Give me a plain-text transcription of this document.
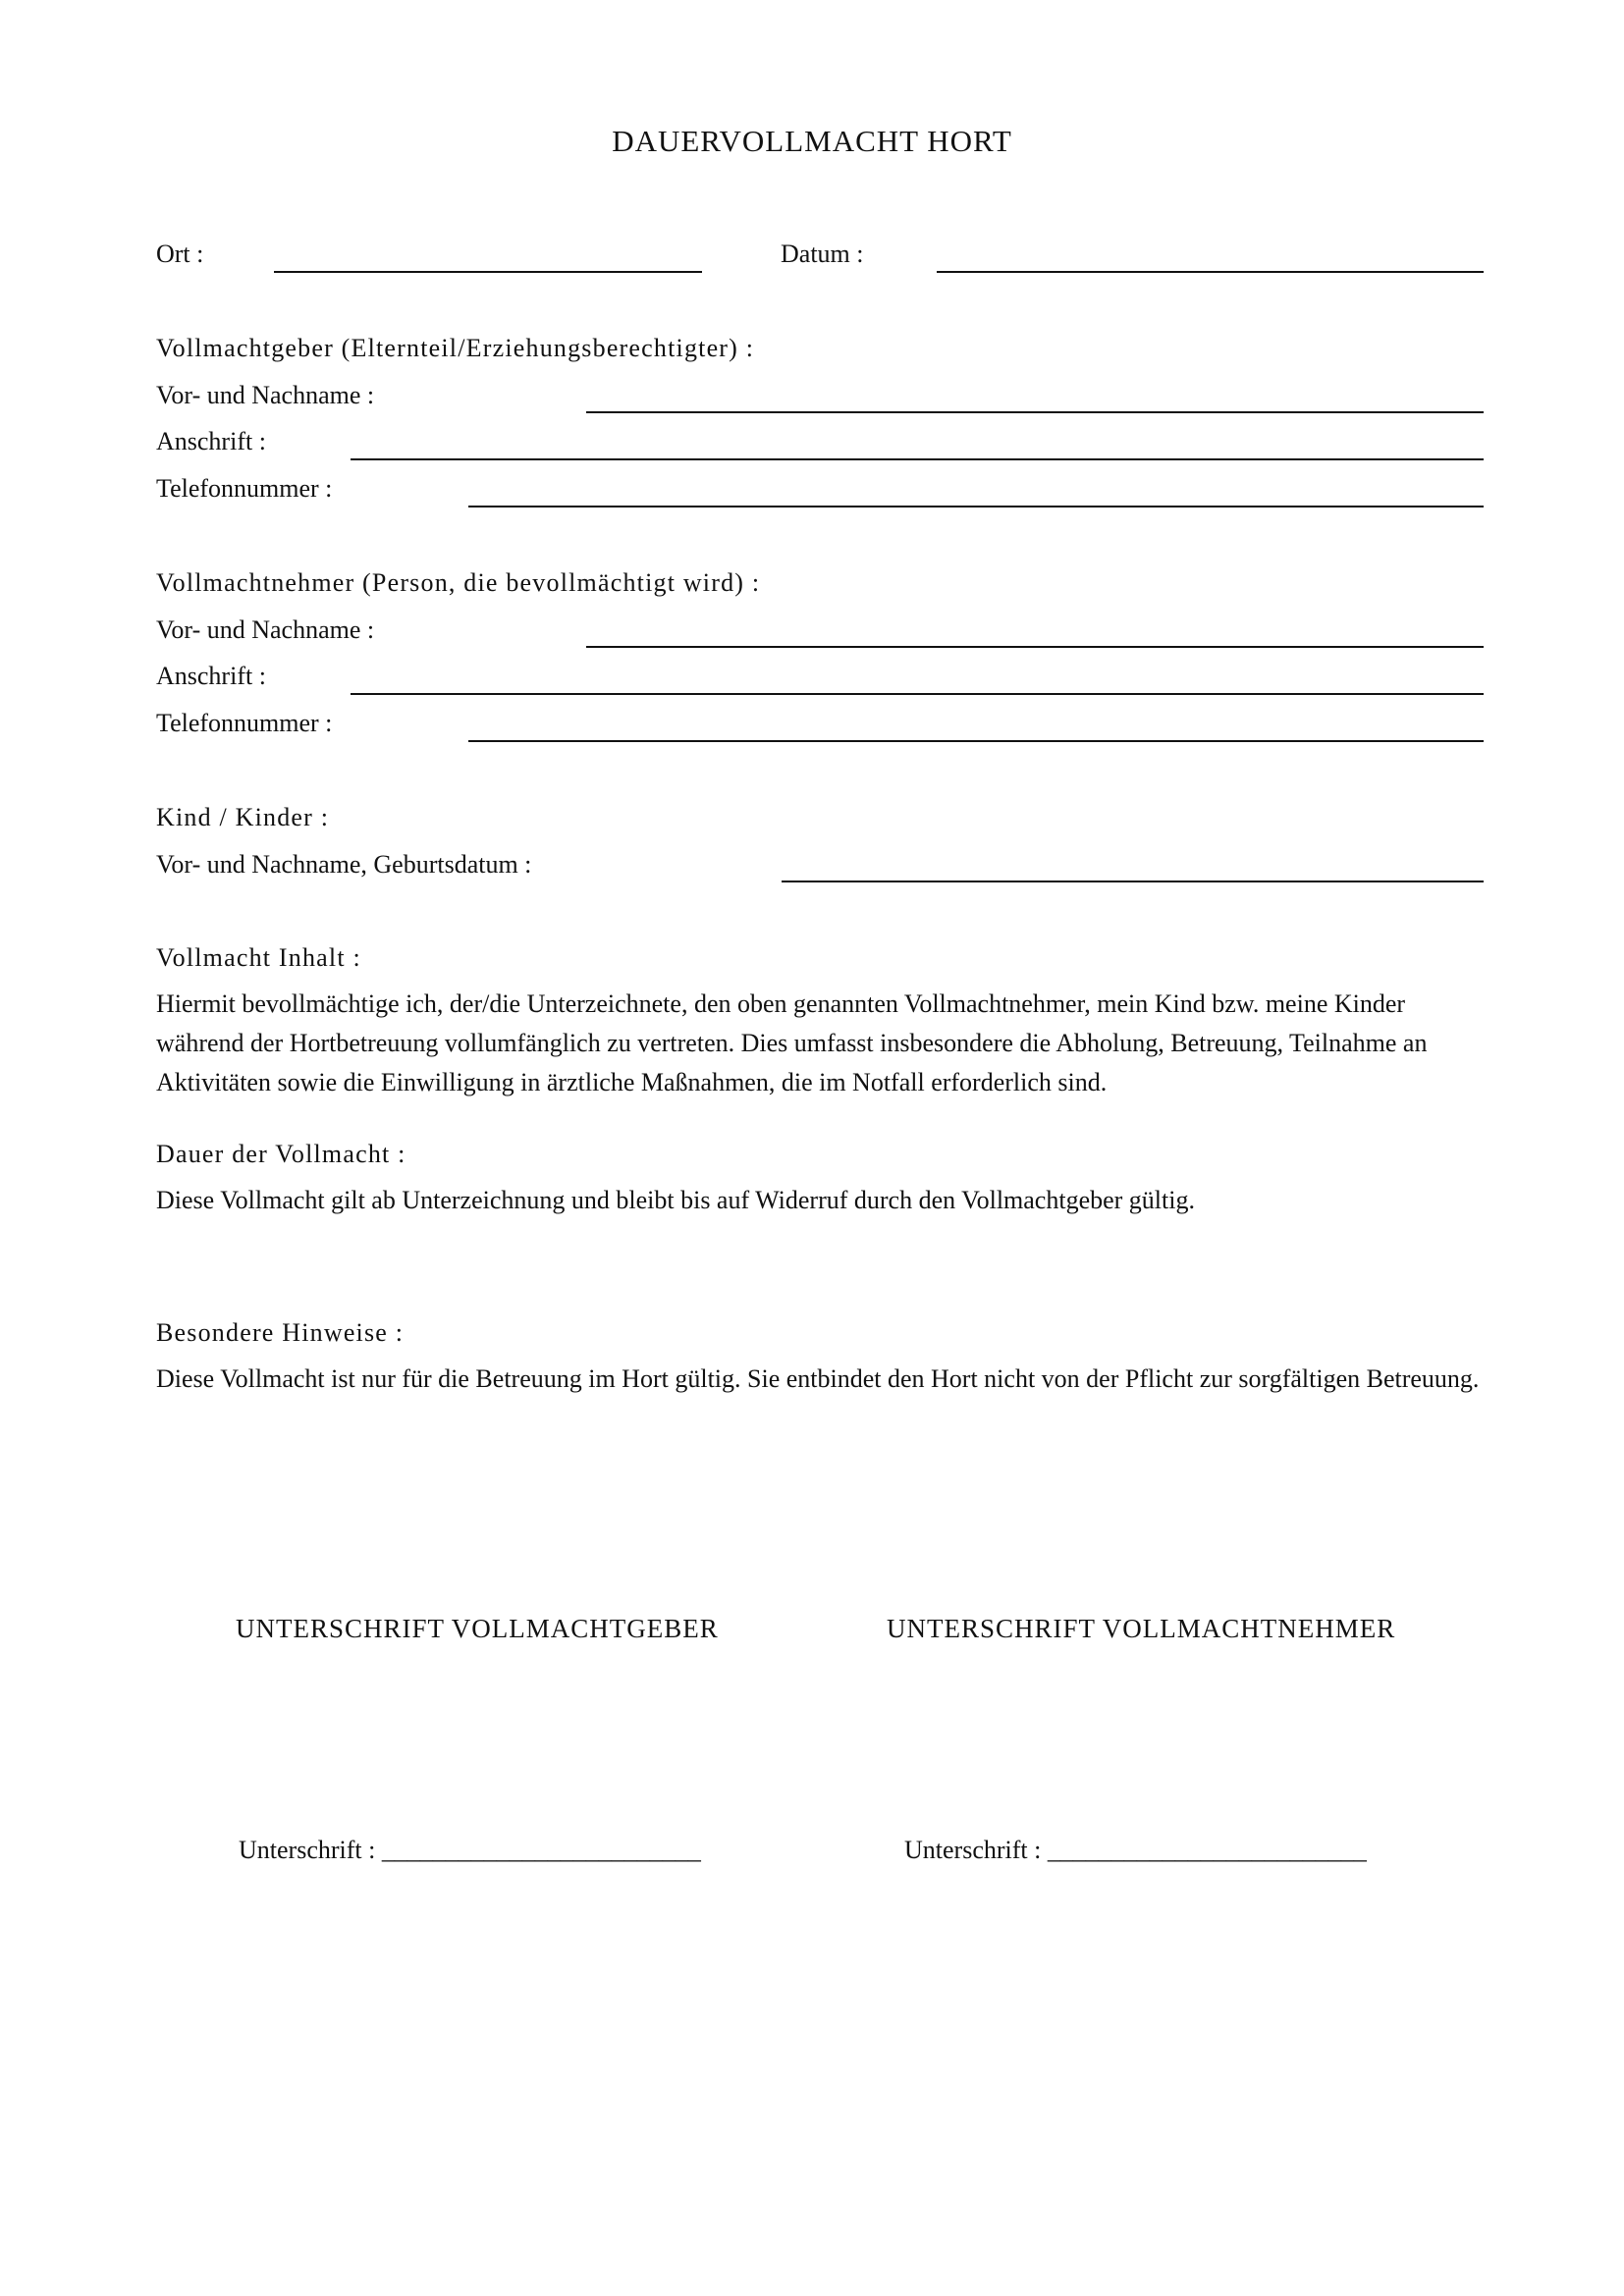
DAUERVOLLMACHT HORT
Ort :	Datum :
Vollmachtgeber (Elternteil/Erziehungsberechtigter) :
Vor- und Nachname :
Anschrift :
Telefonnummer :
Vollmachtnehmer (Person, die bevollmächtigt wird) :
Vor- und Nachname :
Anschrift :
Telefonnummer :
Kind / Kinder :
Vor- und Nachname, Geburtsdatum :
Vollmacht Inhalt :
Hiermit bevollmächtige ich, der/die Unterzeichnete, den oben genannten Vollmachtnehmer, mein Kind bzw. meine Kinder während der Hortbetreuung vollumfänglich zu vertreten. Dies umfasst insbesondere die Abholung, Betreuung, Teilnahme an Aktivitäten sowie die Einwilligung in ärztliche Maßnahmen, die im Notfall erforderlich sind.
Dauer der Vollmacht :
Diese Vollmacht gilt ab Unterzeichnung und bleibt bis auf Widerruf durch den Vollmachtgeber gültig.
Besondere Hinweise :
Diese Vollmacht ist nur für die Betreuung im Hort gültig. Sie entbindet den Hort nicht von der Pflicht zur sorgfältigen Betreuung.
UNTERSCHRIFT VOLLMACHTGEBER	UNTERSCHRIFT VOLLMACHTNEHMER
Unterschrift : _________________________	Unterschrift : _________________________
